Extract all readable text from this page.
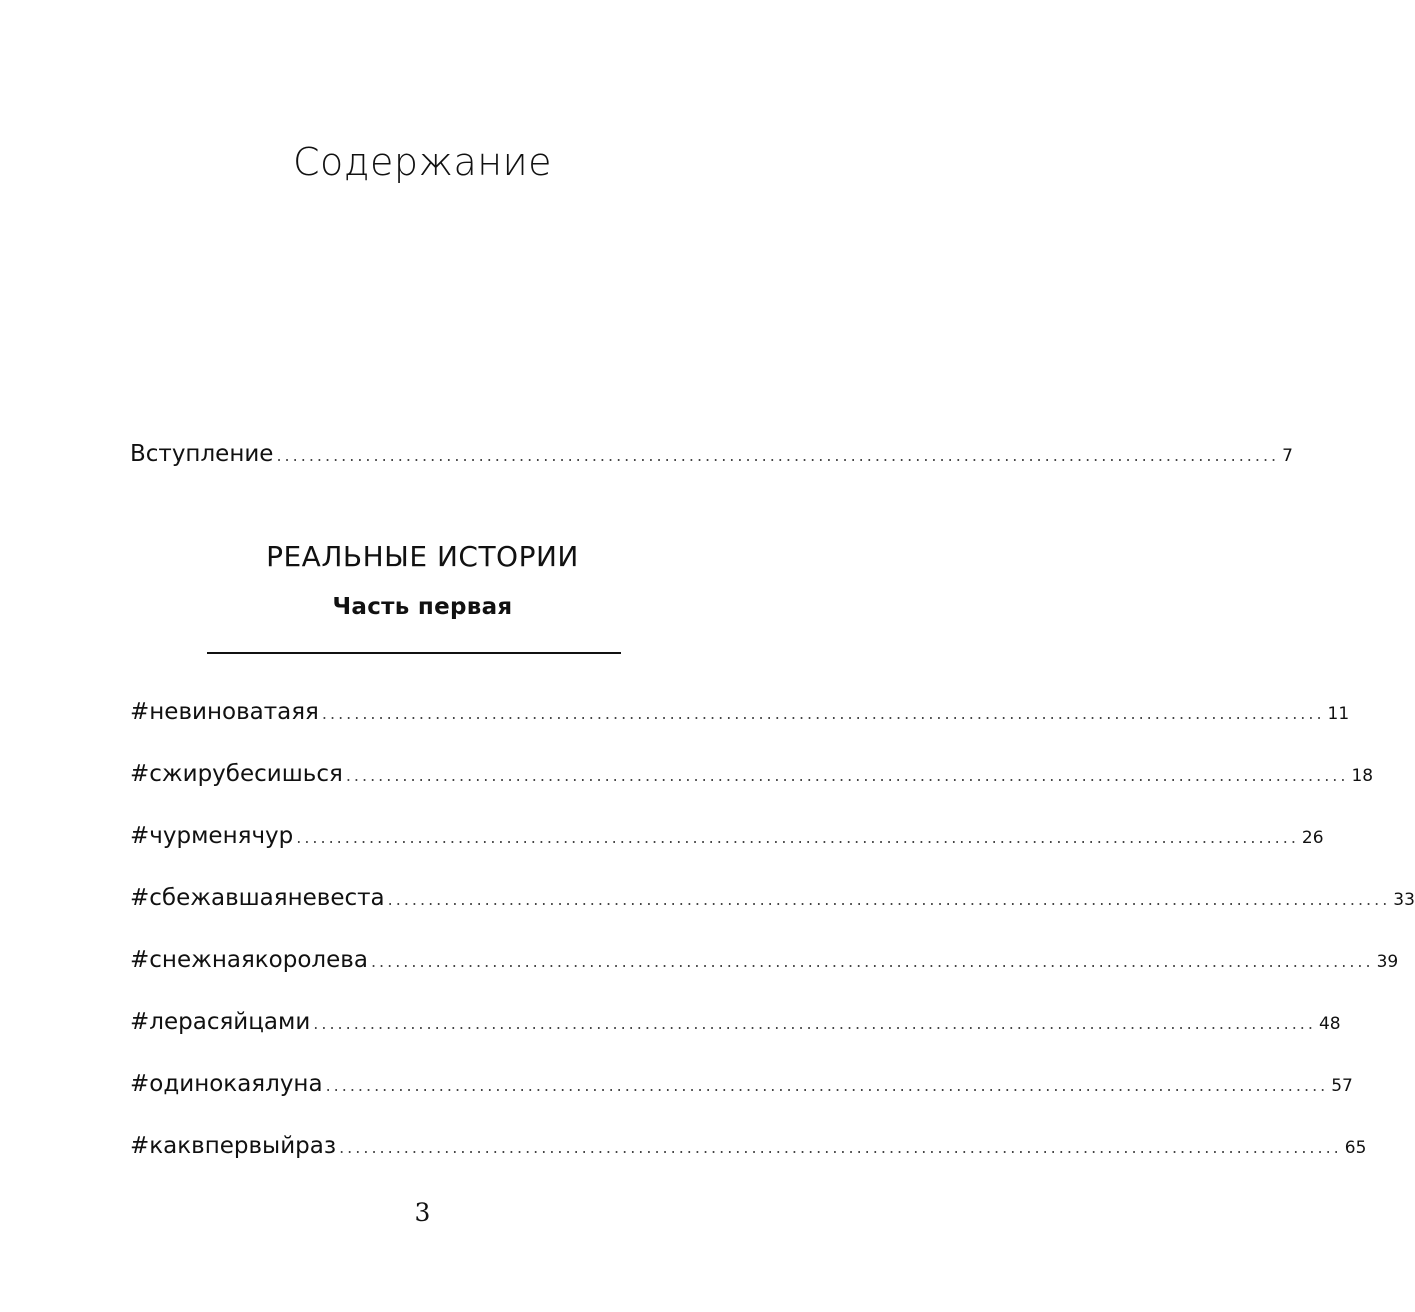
Содержание
Вступление ............................................................................................................................ 7
РЕАЛЬНЫЕ ИСТОРИИ
Часть первая
#невиноватаяя ............................................................................................................................ 11
#сжирубесишься ............................................................................................................................ 18
#чурменячур ............................................................................................................................ 26
#сбежавшаяневеста ............................................................................................................................ 33
#снежнаякоролева ............................................................................................................................ 39
#лерасяйцами ............................................................................................................................ 48
#одинокаялуна ............................................................................................................................ 57
#каквпервыйраз ............................................................................................................................ 65
3
